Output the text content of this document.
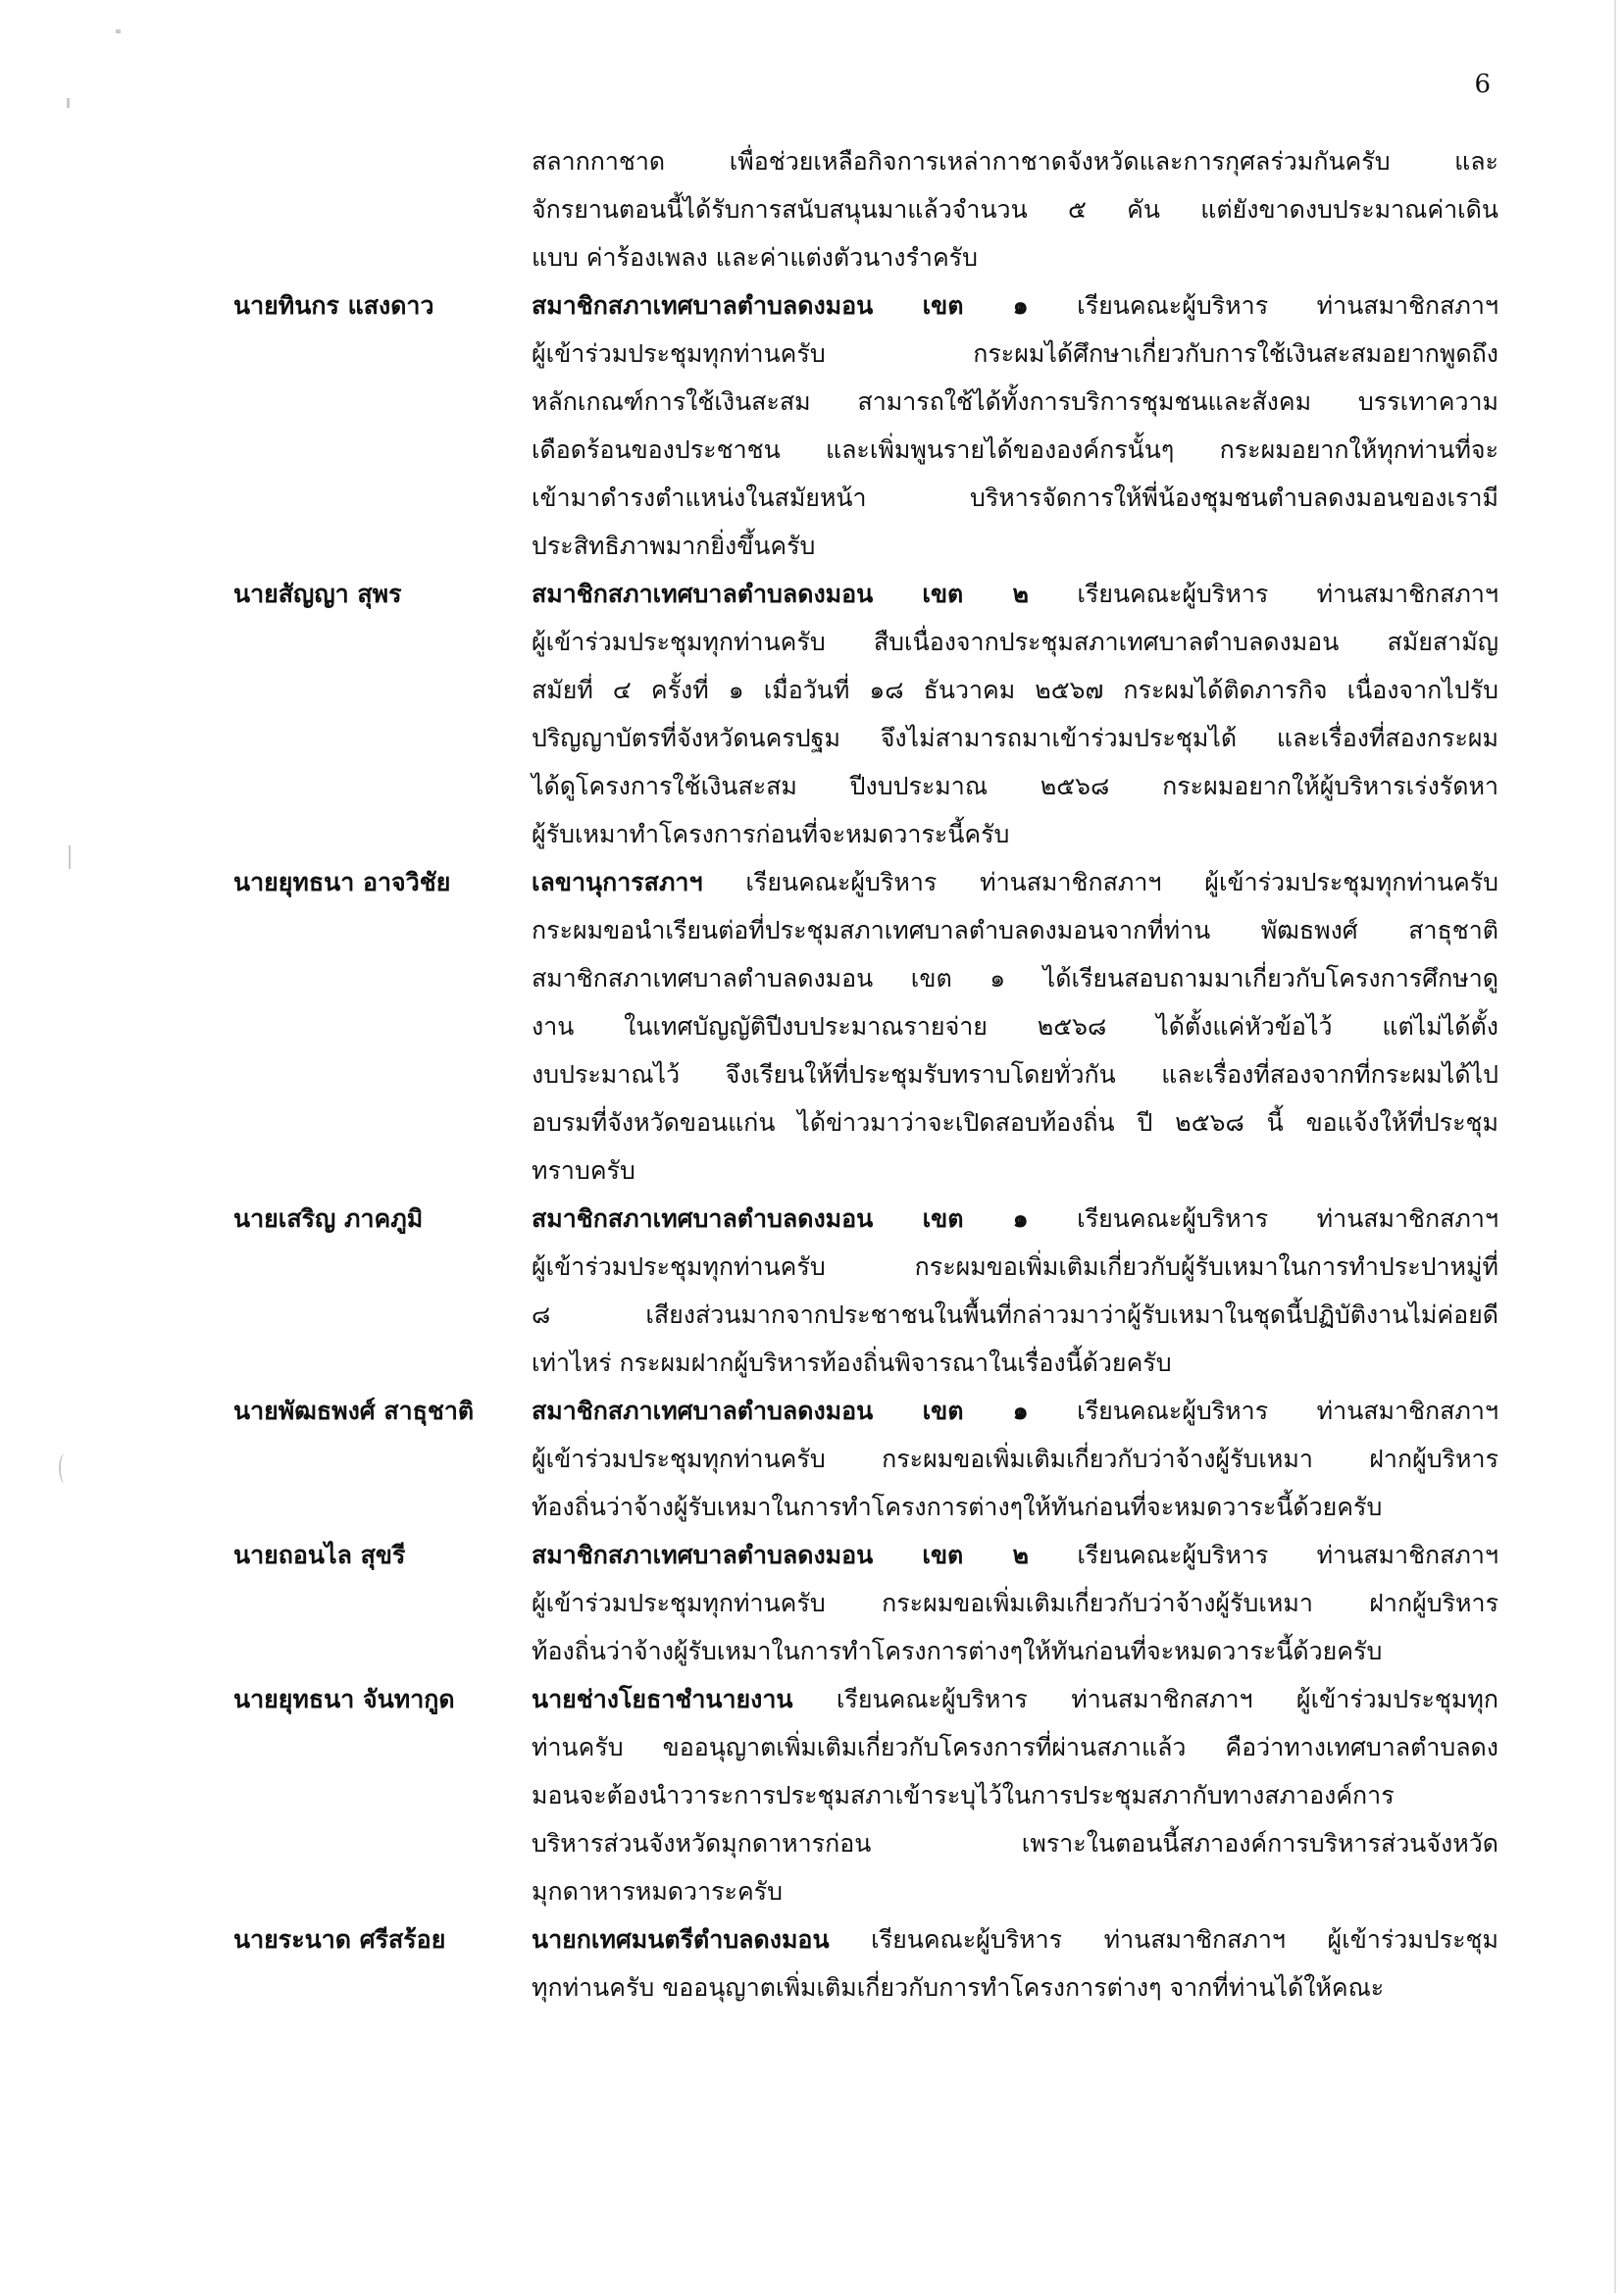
6
สลากกาชาด เพื่อช่วยเหลือกิจการเหล่ากาชาดจังหวัดและการกุศลร่วมกันครับ และ
จักรยานตอนนี้ได้รับการสนับสนุนมาแล้วจำนวน ๕ คัน แต่ยังขาดงบประมาณค่าเดิน
แบบ ค่าร้องเพลง และค่าแต่งตัวนางรำครับ
นายทินกร แสงดาว	สมาชิกสภาเทศบาลตำบลดงมอน เขต ๑ เรียนคณะผู้บริหาร ท่านสมาชิกสภาฯ
ผู้เข้าร่วมประชุมทุกท่านครับ กระผมได้ศึกษาเกี่ยวกับการใช้เงินสะสมอยากพูดถึง
หลักเกณฑ์การใช้เงินสะสม สามารถใช้ได้ทั้งการบริการชุมชนและสังคม บรรเทาความ
เดือดร้อนของประชาชน และเพิ่มพูนรายได้ขององค์กรนั้นๆ กระผมอยากให้ทุกท่านที่จะ
เข้ามาดำรงตำแหน่งในสมัยหน้า บริหารจัดการให้พี่น้องชุมชนตำบลดงมอนของเรามี
ประสิทธิภาพมากยิ่งขึ้นครับ
นายสัญญา สุพร	สมาชิกสภาเทศบาลตำบลดงมอน เขต ๒ เรียนคณะผู้บริหาร ท่านสมาชิกสภาฯ
ผู้เข้าร่วมประชุมทุกท่านครับ สืบเนื่องจากประชุมสภาเทศบาลตำบลดงมอน สมัยสามัญ
สมัยที่ ๔ ครั้งที่ ๑ เมื่อวันที่ ๑๘ ธันวาคม ๒๕๖๗ กระผมได้ติดภารกิจ เนื่องจากไปรับ
ปริญญาบัตรที่จังหวัดนครปฐม จึงไม่สามารถมาเข้าร่วมประชุมได้ และเรื่องที่สองกระผม
ได้ดูโครงการใช้เงินสะสม ปีงบประมาณ ๒๕๖๘ กระผมอยากให้ผู้บริหารเร่งรัดหา
ผู้รับเหมาทำโครงการก่อนที่จะหมดวาระนี้ครับ
นายยุทธนา อาจวิชัย	เลขานุการสภาฯ เรียนคณะผู้บริหาร ท่านสมาชิกสภาฯ ผู้เข้าร่วมประชุมทุกท่านครับ
กระผมขอนำเรียนต่อที่ประชุมสภาเทศบาลตำบลดงมอนจากที่ท่าน พัฒธพงศ์ สาธุชาติ
สมาชิกสภาเทศบาลตำบลดงมอน เขต ๑ ได้เรียนสอบถามมาเกี่ยวกับโครงการศึกษาดู
งาน ในเทศบัญญัติปีงบประมาณรายจ่าย ๒๕๖๘ ได้ตั้งแค่หัวข้อไว้ แต่ไม่ได้ตั้ง
งบประมาณไว้ จึงเรียนให้ที่ประชุมรับทราบโดยทั่วกัน และเรื่องที่สองจากที่กระผมได้ไป
อบรมที่จังหวัดขอนแก่น ได้ข่าวมาว่าจะเปิดสอบท้องถิ่น ปี ๒๕๖๘ นี้ ขอแจ้งให้ที่ประชุม
ทราบครับ
นายเสริญ ภาคภูมิ	สมาชิกสภาเทศบาลตำบลดงมอน เขต ๑ เรียนคณะผู้บริหาร ท่านสมาชิกสภาฯ
ผู้เข้าร่วมประชุมทุกท่านครับ กระผมขอเพิ่มเติมเกี่ยวกับผู้รับเหมาในการทำประปาหมู่ที่
๘ เสียงส่วนมากจากประชาชนในพื้นที่กล่าวมาว่าผู้รับเหมาในชุดนี้ปฏิบัติงานไม่ค่อยดี
เท่าไหร่ กระผมฝากผู้บริหารท้องถิ่นพิจารณาในเรื่องนี้ด้วยครับ
นายพัฒธพงศ์ สาธุชาติ	สมาชิกสภาเทศบาลตำบลดงมอน เขต ๑ เรียนคณะผู้บริหาร ท่านสมาชิกสภาฯ
ผู้เข้าร่วมประชุมทุกท่านครับ กระผมขอเพิ่มเติมเกี่ยวกับว่าจ้างผู้รับเหมา ฝากผู้บริหาร
ท้องถิ่นว่าจ้างผู้รับเหมาในการทำโครงการต่างๆให้ทันก่อนที่จะหมดวาระนี้ด้วยครับ
นายถอนไล สุขรี	สมาชิกสภาเทศบาลตำบลดงมอน เขต ๒ เรียนคณะผู้บริหาร ท่านสมาชิกสภาฯ
ผู้เข้าร่วมประชุมทุกท่านครับ กระผมขอเพิ่มเติมเกี่ยวกับว่าจ้างผู้รับเหมา ฝากผู้บริหาร
ท้องถิ่นว่าจ้างผู้รับเหมาในการทำโครงการต่างๆให้ทันก่อนที่จะหมดวาระนี้ด้วยครับ
นายยุทธนา จันทากูด	นายช่างโยธาชำนายงาน เรียนคณะผู้บริหาร ท่านสมาชิกสภาฯ ผู้เข้าร่วมประชุมทุก
ท่านครับ ขออนุญาตเพิ่มเติมเกี่ยวกับโครงการที่ผ่านสภาแล้ว คือว่าทางเทศบาลตำบลดง
มอนจะต้องนำวาระการประชุมสภาเข้าระบุไว้ในการประชุมสภากับทางสภาองค์การ
บริหารส่วนจังหวัดมุกดาหารก่อน เพราะในตอนนี้สภาองค์การบริหารส่วนจังหวัด
มุกดาหารหมดวาระครับ
นายระนาด ศรีสร้อย	นายกเทศมนตรีตำบลดงมอน เรียนคณะผู้บริหาร ท่านสมาชิกสภาฯ ผู้เข้าร่วมประชุม
ทุกท่านครับ ขออนุญาตเพิ่มเติมเกี่ยวกับการทำโครงการต่างๆ จากที่ท่านได้ให้คณะ
